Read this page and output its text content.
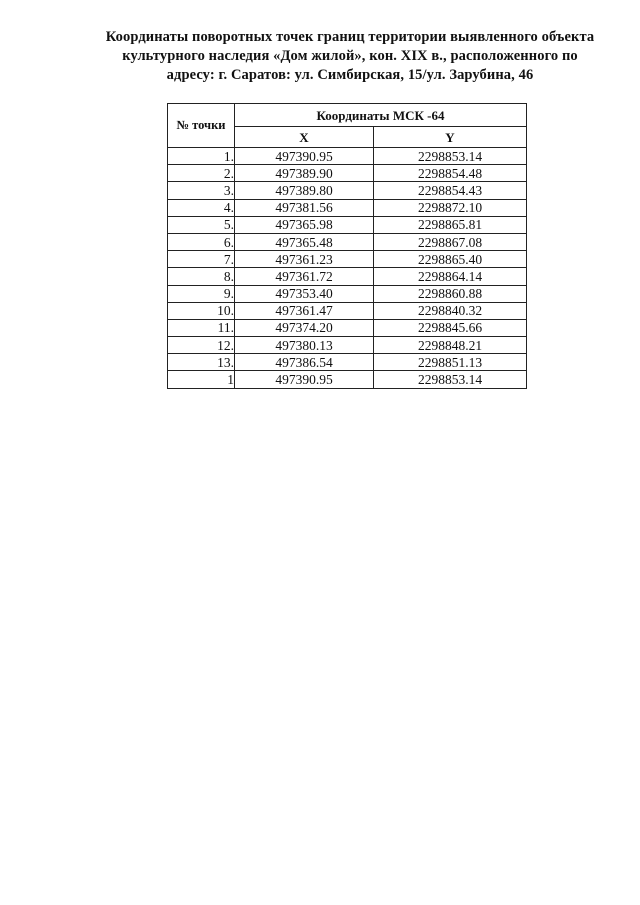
Координаты поворотных точек границ территории выявленного объекта
культурного наследия «Дом жилой», кон. XIX в., расположенного по
адресу: г. Саратов: ул. Симбирская, 15/ул. Зарубина, 46
№ точки	Координаты МСК -64	
	X	Y
1.	497390.95	2298853.14
2.	497389.90	2298854.48
3.	497389.80	2298854.43
4.	497381.56	2298872.10
5.	497365.98	2298865.81
6.	497365.48	2298867.08
7.	497361.23	2298865.40
8.	497361.72	2298864.14
9.	497353.40	2298860.88
10.	497361.47	2298840.32
11.	497374.20	2298845.66
12.	497380.13	2298848.21
13.	497386.54	2298851.13
1	497390.95	2298853.14
